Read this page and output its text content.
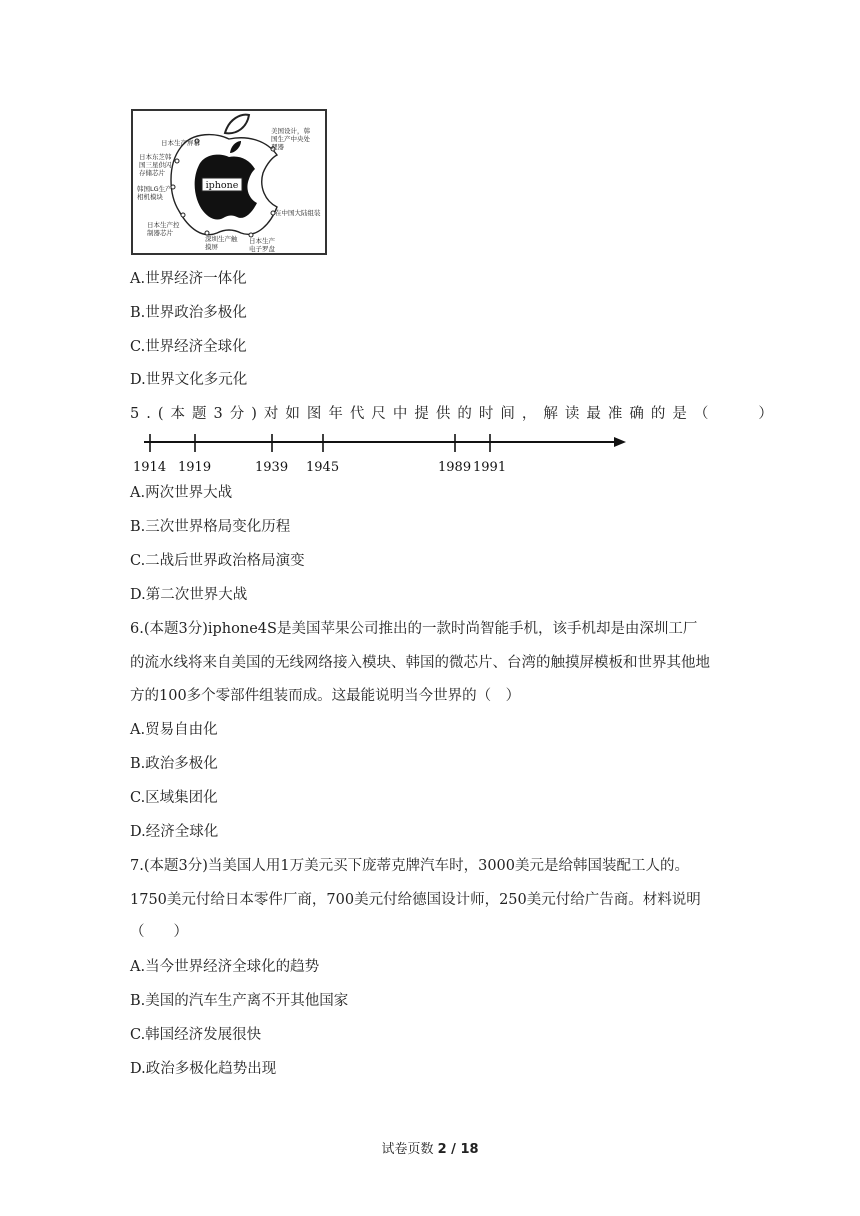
iphone
日本生产屏幕
日本东芝韩
国三星供闪
存储芯片
韩国LG生产
相机模块
日本生产控
制器芯片
深圳生产触
摸屏
日本生产
电子罗盘
美国设计，韩
国生产中央处
理器
在中国大陆组装
A.世界经济一体化
B.世界政治多极化
C.世界经济全球化
D.世界文化多元化
5.(本题3分)对如图年代尺中提供的时间，解读最准确的是（　　）
1914 1919	1939 1945	1989 1991
A.两次世界大战
B.三次世界格局变化历程
C.二战后世界政治格局演变
D.第二次世界大战
6.(本题3分)iphone4S是美国苹果公司推出的一款时尚智能手机，该手机却是由深圳工厂
的流水线将来自美国的无线网络接入模块、韩国的微芯片、台湾的触摸屏模板和世界其他地
方的100多个零部件组装而成。这最能说明当今世界的（　）
A.贸易自由化
B.政治多极化
C.区域集团化
D.经济全球化
7.(本题3分)当美国人用1万美元买下庞蒂克牌汽车时，3000美元是给韩国装配工人的。
1750美元付给日本零件厂商，700美元付给德国设计师，250美元付给广告商。材料说明
（　　）
A.当今世界经济全球化的趋势
B.美国的汽车生产离不开其他国家
C.韩国经济发展很快
D.政治多极化趋势出现
试卷页数 2 / 18
